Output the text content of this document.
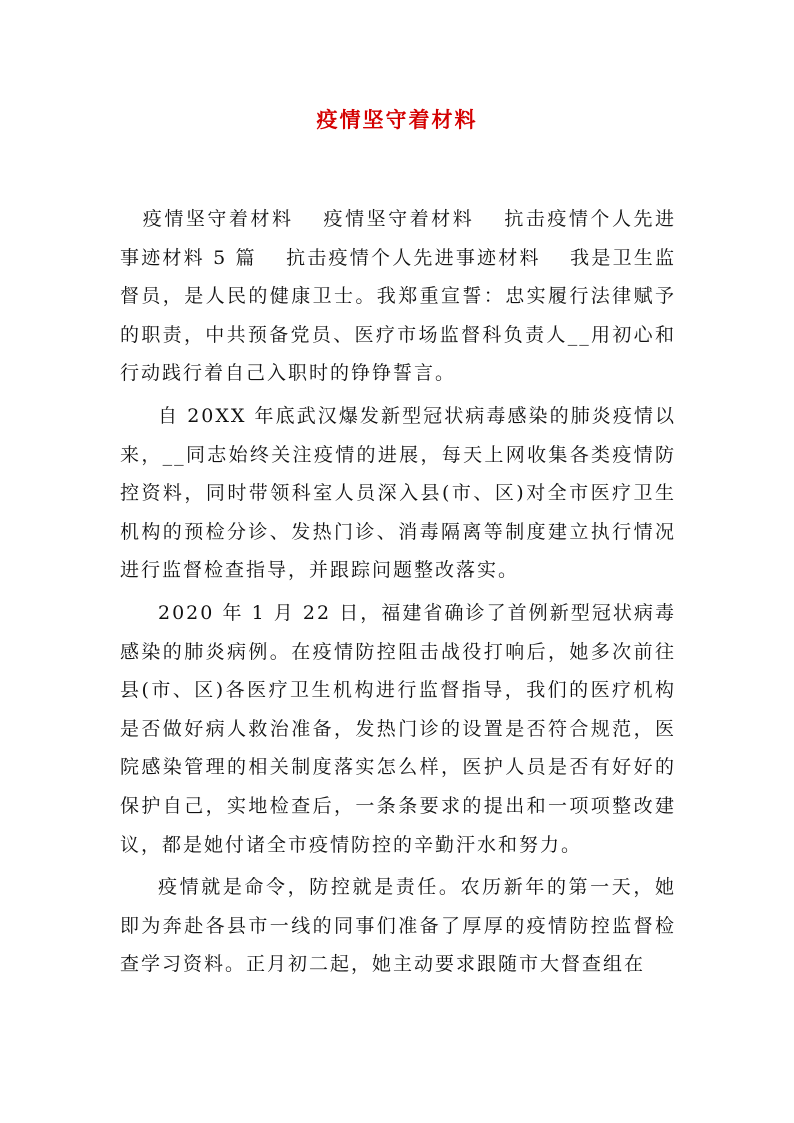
疫情坚守着材料

疫情坚守着材料　 疫情坚守着材料　 抗击疫情个人先进事迹材料 5 篇　 抗击疫情个人先进事迹材料　 我是卫生监督员，是人民的健康卫士。我郑重宣誓：忠实履行法律赋予的职责，中共预备党员、医疗市场监督科负责人__用初心和行动践行着自己入职时的铮铮誓言。

自 20XX 年底武汉爆发新型冠状病毒感染的肺炎疫情以来，__同志始终关注疫情的进展，每天上网收集各类疫情防控资料，同时带领科室人员深入县(市、区)对全市医疗卫生机构的预检分诊、发热门诊、消毒隔离等制度建立执行情况进行监督检查指导，并跟踪问题整改落实。

2020 年 1 月 22 日，福建省确诊了首例新型冠状病毒感染的肺炎病例。在疫情防控阻击战役打响后，她多次前往县(市、区)各医疗卫生机构进行监督指导，我们的医疗机构是否做好病人救治准备，发热门诊的设置是否符合规范，医院感染管理的相关制度落实怎么样，医护人员是否有好好的保护自己，实地检查后，一条条要求的提出和一项项整改建议，都是她付诸全市疫情防控的辛勤汗水和努力。

疫情就是命令，防控就是责任。农历新年的第一天，她即为奔赴各县市一线的同事们准备了厚厚的疫情防控监督检查学习资料。正月初二起，她主动要求跟随市大督查组在
